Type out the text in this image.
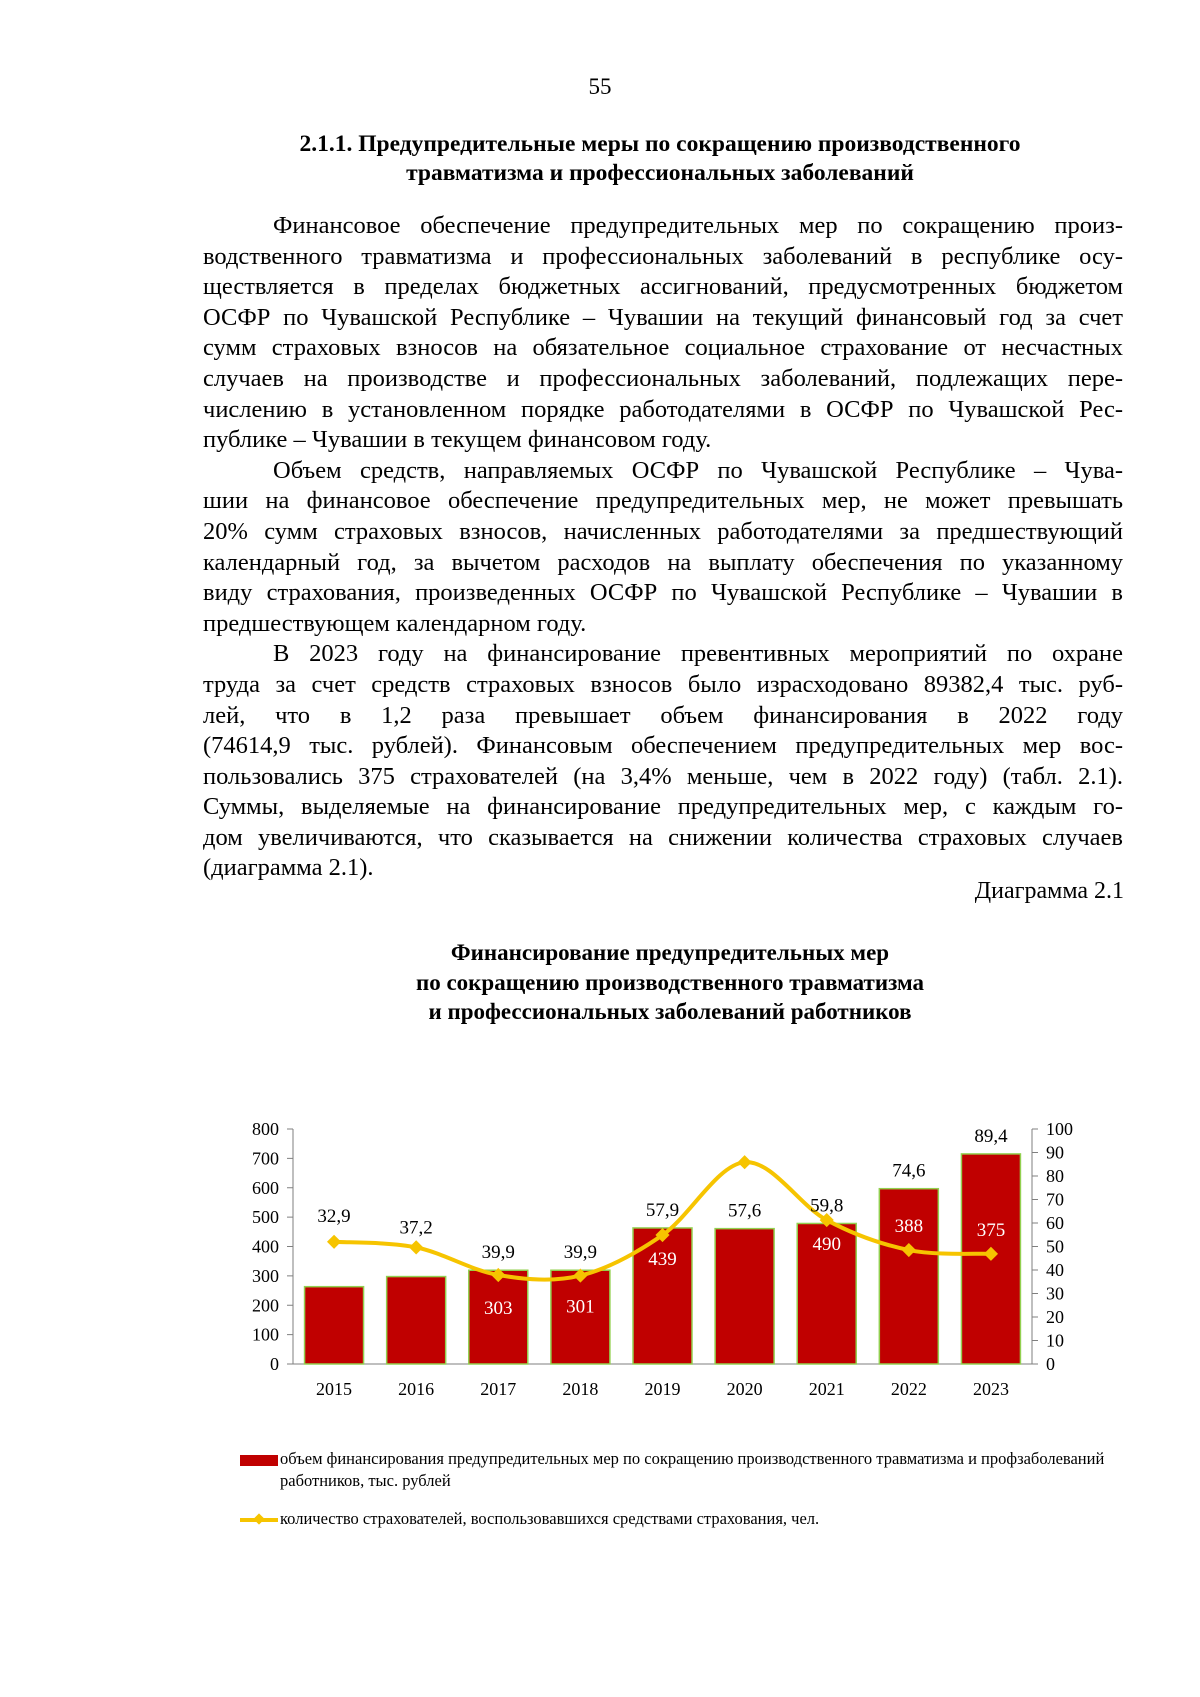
55
2.1.1. Предупредительные меры по сокращению производственного
травматизма и профессиональных заболеваний
Финансовое обеспечение предупредительных мер по сокращению произ-
водственного травматизма и профессиональных заболеваний в республике осу-
ществляется в пределах бюджетных ассигнований, предусмотренных бюджетом
ОСФР по Чувашской Республике – Чувашии на текущий финансовый год за счет
сумм страховых взносов на обязательное социальное страхование от несчастных
случаев на производстве и профессиональных заболеваний, подлежащих пере-
числению в установленном порядке работодателями в ОСФР по Чувашской Рес-
публике – Чувашии в текущем финансовом году.
Объем средств, направляемых ОСФР по Чувашской Республике – Чува-
шии на финансовое обеспечение предупредительных мер, не может превышать
20% сумм страховых взносов, начисленных работодателями за предшествующий
календарный год, за вычетом расходов на выплату обеспечения по указанному
виду страхования, произведенных ОСФР по Чувашской Республике – Чувашии в
предшествующем календарном году.
В 2023 году на финансирование превентивных мероприятий по охране
труда за счет средств страховых взносов было израсходовано 89382,4 тыс. руб-
лей, что в 1,2 раза превышает объем финансирования в 2022 году
(74614,9 тыс. рублей). Финансовым обеспечением предупредительных мер вос-
пользовались 375 страхователей (на 3,4% меньше, чем в 2022 году) (табл. 2.1).
Суммы, выделяемые на финансирование предупредительных мер, с каждым го-
дом увеличиваются, что сказывается на снижении количества страховых случаев
(диаграмма 2.1).
Диаграмма 2.1
Финансирование предупредительных мер
по сокращению производственного травматизма
и профессиональных заболеваний работников
0
100
200
300
400
500
600
700
800
0
10
20
30
40
50
60
70
80
90
100
2015	2016	2017	2018	2019	2020	2021	2022	2023
416	397
303	301
439
687
490
388	375
32,9
37,2
39,9	39,9
57,9	57,6	59,8
74,6
89,4
объем финансирования предупредительных мер по сокращению производственного травматизма и профзаболеваний работников, тыс. рублей
количество страхователей, воспользовавшихся средствами страхования, чел.
